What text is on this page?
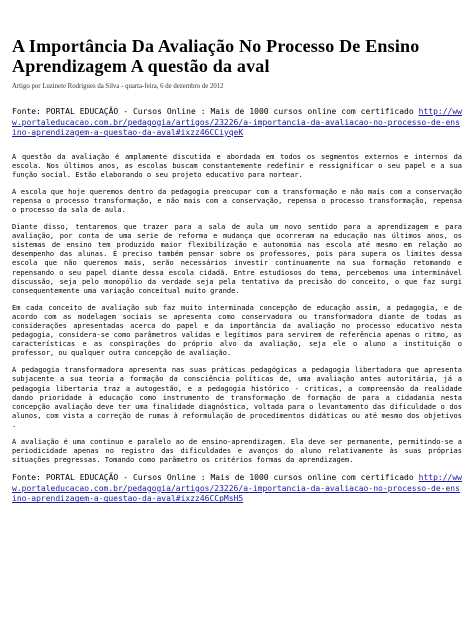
A Importância Da Avaliação No Processo De Ensino Aprendizagem A questão da aval
Artigo por Luzinete Rodrigues da Silva - quarta-feira, 6 de dezembro de 2012

Fonte: PORTAL EDUCAÇÃO - Cursos Online : Mais de 1000 cursos online com certificado http://www.portaleducacao.com.br/pedagogia/artigos/23226/a-importancia-da-avaliacao-no-processo-de-ensino-aprendizagem-a-questao-da-aval#ixzz46CCiyqeK

A questão da avaliação é amplamente discutida e abordada em todos os segmentos externos e internos da escola. Nos últimos anos, as escolas buscam constantemente redefinir e ressignificar o seu papel e a sua função social. Estão elaborando o seu projeto educativo para nortear.

A escola que hoje queremos dentro da pedagogia preocupar com a transformação e não mais com a conservação repensa o processo transformação, e não mais com a conservação, repensa o processo transformação, repensa o processo da sala de aula.

Diante disso, tentaremos que trazer para a sala de aula um novo sentido para a aprendizagem e para avaliação, por conta de uma serie de reforma e mudança que ocorreram na educação nas últimos anos, os sistemas de ensino tem produzido maior flexibilização e autonomia nas escola até mesmo em relação ao desempenho das alunas. É preciso também pensar sobre os professores, pois para supera os limites dessa escola que não queremos mais, serão necessários investir continuamente na sua formação retomando e repensando o seu papel diante dessa escola cidadã. Entre estudiosos do tema, percebemos uma interminável discussão, seja pelo monopólio da verdade seja pela tentativa da precisão do conceito, o que faz surgi consequentemente uma variação conceitual muito grande.

Em cada conceito de avaliação sub faz muito interminada concepção de educação assim, a pedagogia, e de acordo com as modelagem sociais se apresenta como conservadora ou transformadora diante de todas as considerações apresentadas acerca do papel e da importância da avaliação no processo educativo nesta pedagogia, considera-se como parâmetros validas e legítimos para servirem de referência apenas o ritmo, as características e as conspirações do próprio alvo da avaliação, seja ele o aluno a instituição o professor, ou qualquer outra concepção de avaliação.

A pedagogia transformadora apresenta nas suas práticas pedagógicas a pedagogia libertadora que apresenta subjacente a sua teoria a formação da consciência políticas de, uma avaliação antes autoritária, já a pedagogia libertaria traz a autogestão, e a pedagogia histórico - criticas, a compreensão da realidade dando prioridade à educação como instrumento de transformação de formação de para a cidadania nesta concepção avaliação deve ter uma finalidade diagnóstica, voltada para o levantamento das dificuldade o dos alunos, com vista a correção de rumas à reformulação de procedimentos didáticas ou até mesmo dos objetivos .

A avaliação é uma continuo e paralelo ao de ensino-aprendizagem. Ela deve ser permanente, permitindo-se a periodicidade apenas no registro das dificuldades e avanços do aluno relativamente às suas próprias situações pregressas. Tomando como parâmetro os critérios formas da aprendizagem.

Fonte: PORTAL EDUCAÇÃO - Cursos Online : Mais de 1000 cursos online com certificado http://www.portaleducacao.com.br/pedagogia/artigos/23226/a-importancia-da-avaliacao-no-processo-de-ensino-aprendizagem-a-questao-da-aval#ixzz46CCpMsH5
